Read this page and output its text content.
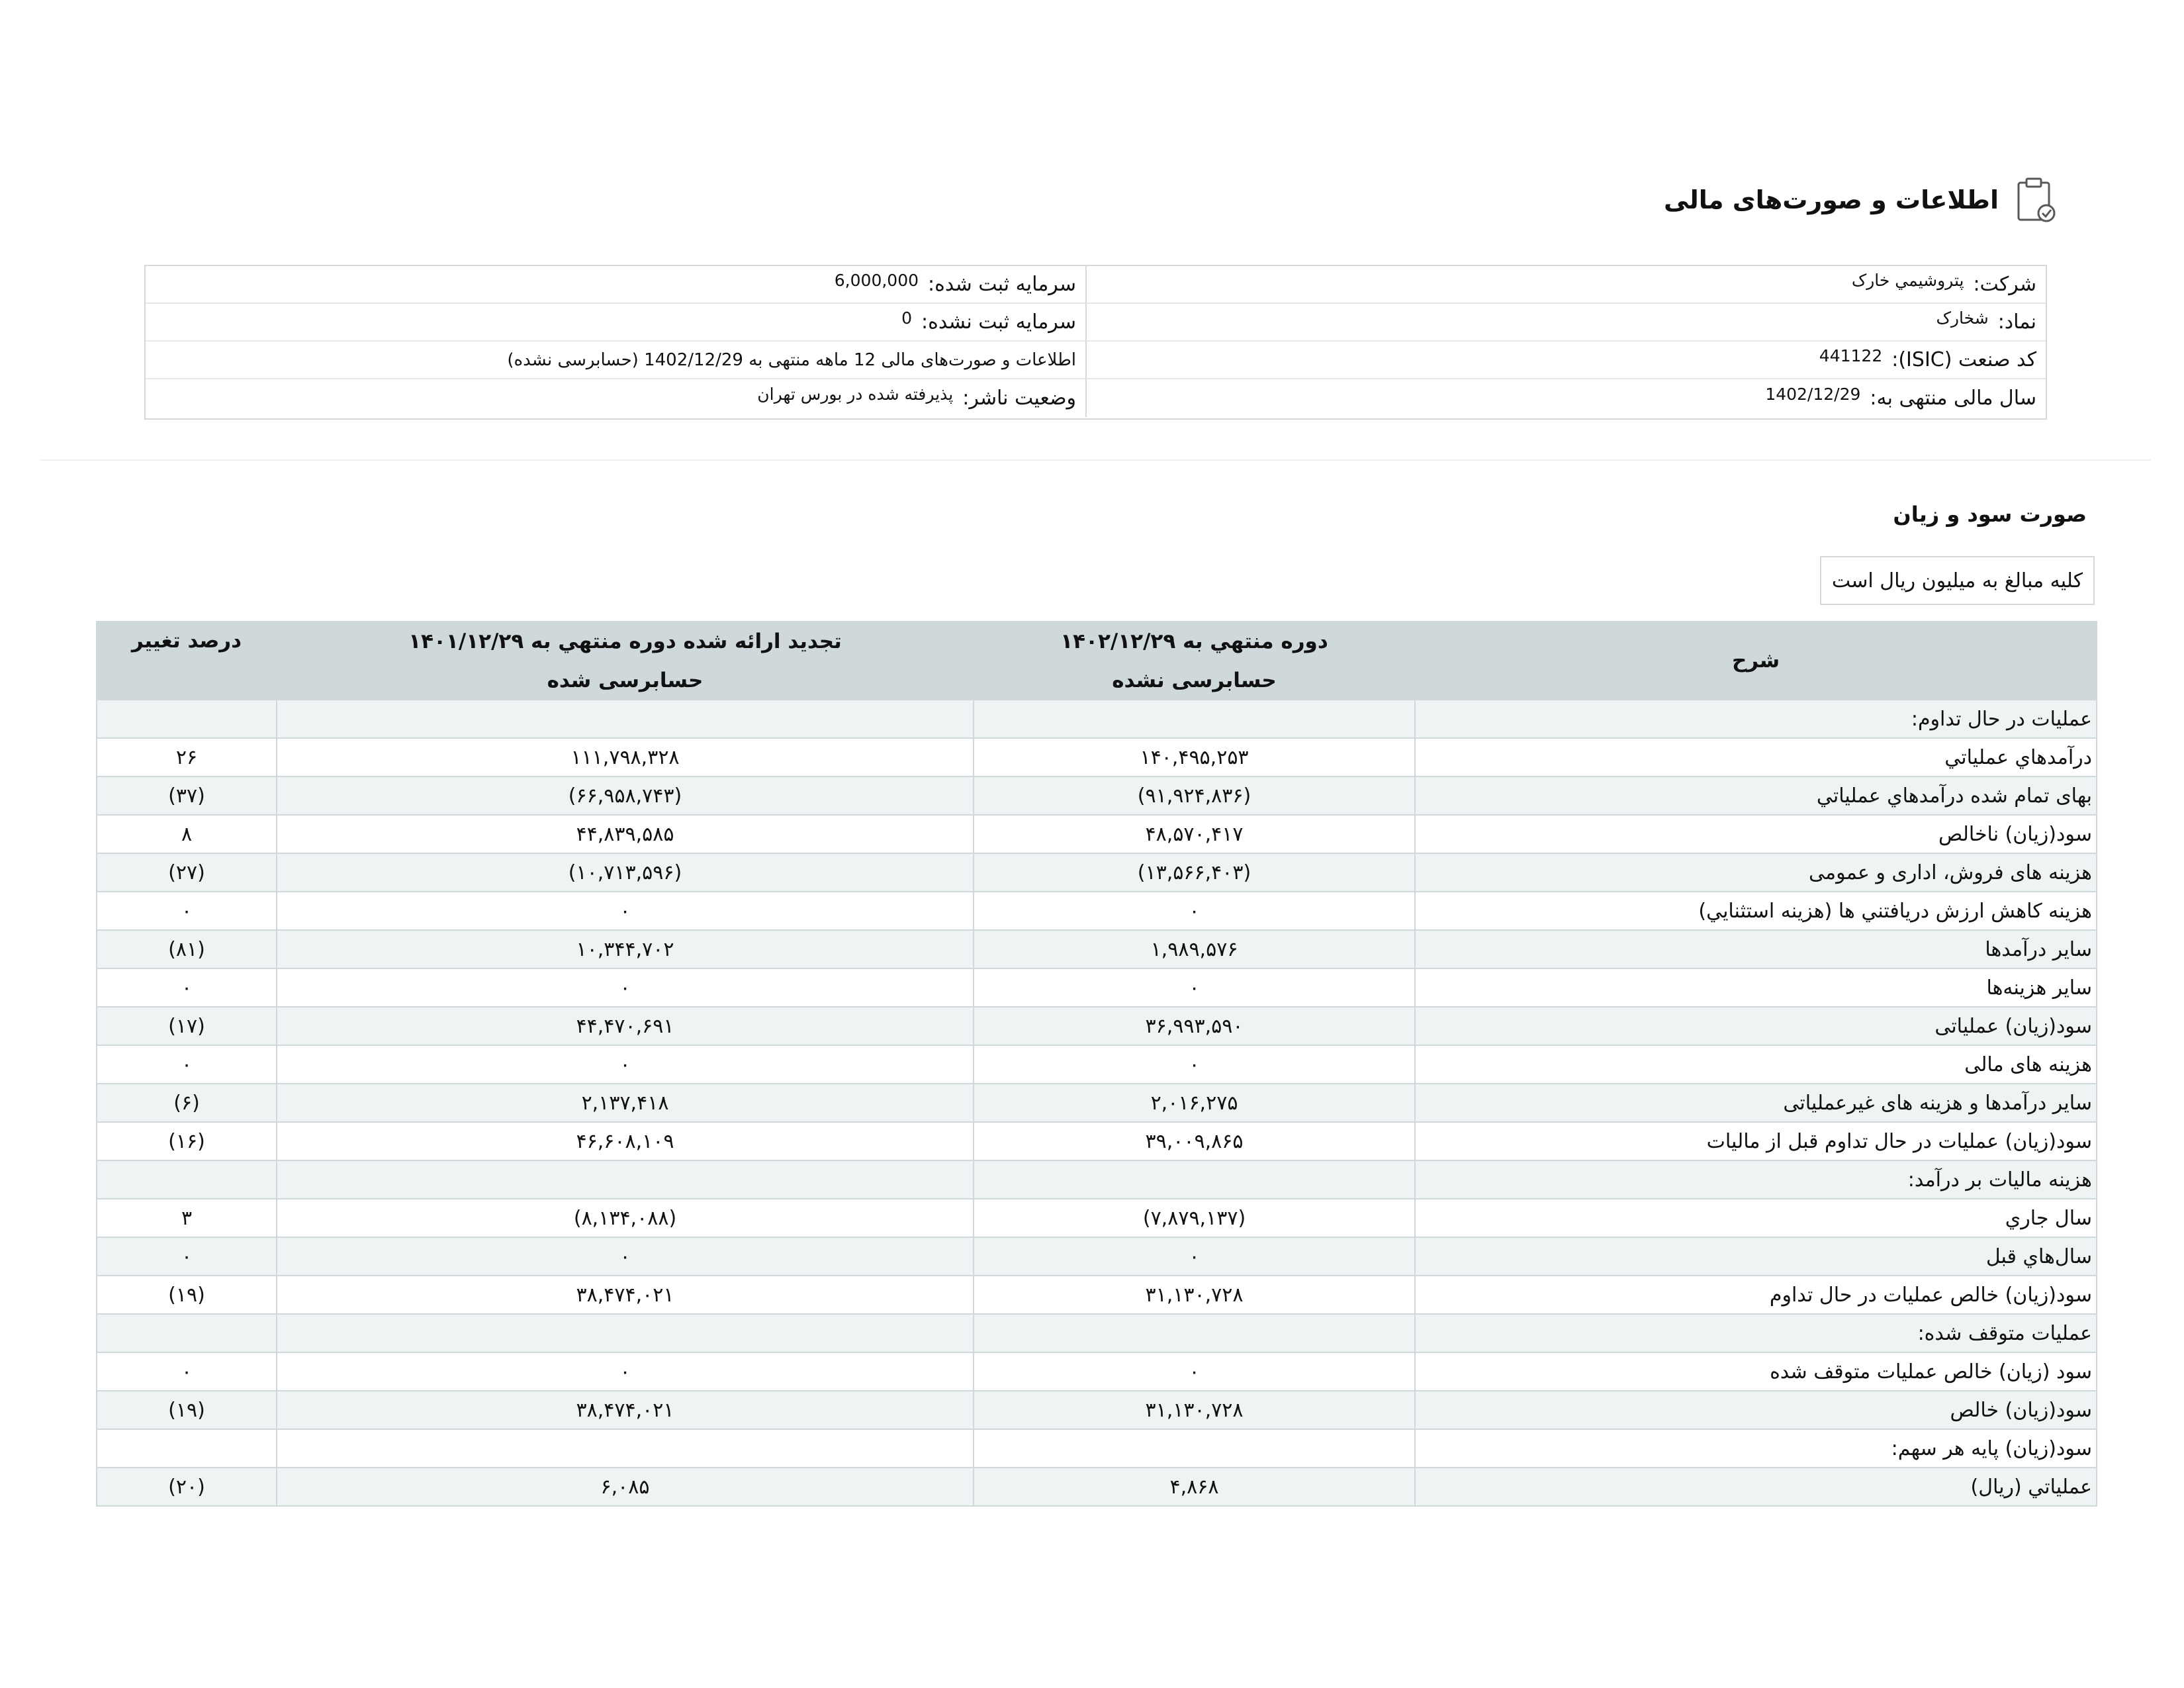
اطلاعات و صورت‌های مالی
شرکت:
پتروشيمي خارک
سرمایه ثبت شده:
6,000,000
نماد:
شخارک
سرمایه ثبت نشده:
0
کد صنعت (ISIC):
441122
اطلاعات و صورت‌های مالی 12 ماهه منتهی به 1402/12/29 (حسابرسی نشده)
سال مالی منتهی به:
1402/12/29
وضعیت ناشر:
پذيرفته شده در بورس تهران
صورت سود و زیان
کلیه مبالغ به میلیون ریال است
شرح	دوره منتهي به ۱۴۰۲/۱۲/۲۹	تجديد ارائه شده دوره منتهي به ۱۴۰۱/۱۲/۲۹	درصد تغيير
	حسابرسی نشده	حسابرسی شده	
عمليات در حال تداوم:			
درآمدهاي عملياتي	۱۴۰,۴۹۵,۲۵۳	۱۱۱,۷۹۸,۳۲۸	۲۶
بهاى تمام شده درآمدهاي عملياتي	(۹۱,۹۲۴,۸۳۶)	(۶۶,۹۵۸,۷۴۳)	(۳۷)
سود(زيان) ناخالص	۴۸,۵۷۰,۴۱۷	۴۴,۸۳۹,۵۸۵	۸
هزينه هاى فروش، ادارى و عمومى	(۱۳,۵۶۶,۴۰۳)	(۱۰,۷۱۳,۵۹۶)	(۲۷)
هزينه کاهش ارزش دريافتني ها (هزينه استثنايي)	۰	۰	۰
ساير درآمدها	۱,۹۸۹,۵۷۶	۱۰,۳۴۴,۷۰۲	(۸۱)
سایر هزینه‌ها	۰	۰	۰
سود(زيان) عملياتى	۳۶,۹۹۳,۵۹۰	۴۴,۴۷۰,۶۹۱	(۱۷)
هزينه هاى مالى	۰	۰	۰
ساير درآمدها و هزينه هاى غيرعملياتى	۲,۰۱۶,۲۷۵	۲,۱۳۷,۴۱۸	(۶)
سود(زيان) عمليات در حال تداوم قبل از ماليات	۳۹,۰۰۹,۸۶۵	۴۶,۶۰۸,۱۰۹	(۱۶)
هزينه ماليات بر درآمد:			
سال جاري	(۷,۸۷۹,۱۳۷)	(۸,۱۳۴,۰۸۸)	۳
سال‌هاي قبل	۰	۰	۰
سود(زيان) خالص عمليات در حال تداوم	۳۱,۱۳۰,۷۲۸	۳۸,۴۷۴,۰۲۱	(۱۹)
عمليات متوقف شده:			
سود (زيان) خالص عمليات متوقف شده	۰	۰	۰
سود(زيان) خالص	۳۱,۱۳۰,۷۲۸	۳۸,۴۷۴,۰۲۱	(۱۹)
سود(زيان) پايه هر سهم:			
عملياتي (ريال)	۴,۸۶۸	۶,۰۸۵	(۲۰)
